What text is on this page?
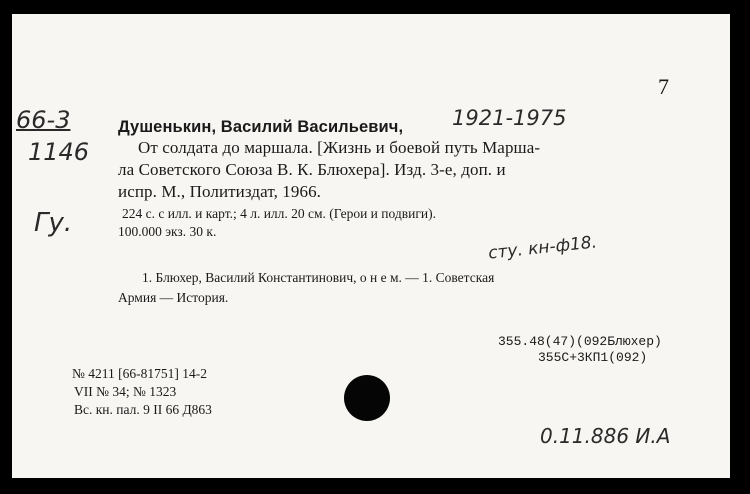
7
66-3
1146
Гу.
Душенькин, Василий Васильевич, 1921-1975
От солдата до маршала. [Жизнь и боевой путь Марша-
ла Советского Союза В. К. Блюхера]. Изд. 3-е, доп. и
испр. М., Политиздат, 1966.
224 с. с илл. и карт.; 4 л. илл. 20 см. (Герои и подвиги).
100.000 экз. 30 к.
сту. кн-ф18.
1. Блюхер, Василий Константинович, о н е м. — 1. Советская
Армия — История.
355.48(47)(092Блюхер)
355С+3КП1(092)
№ 4211 [66-81751] 14-2
VII № 34; № 1323
Вс. кн. пал. 9 II 66 Д863
0.11.886 И.А
